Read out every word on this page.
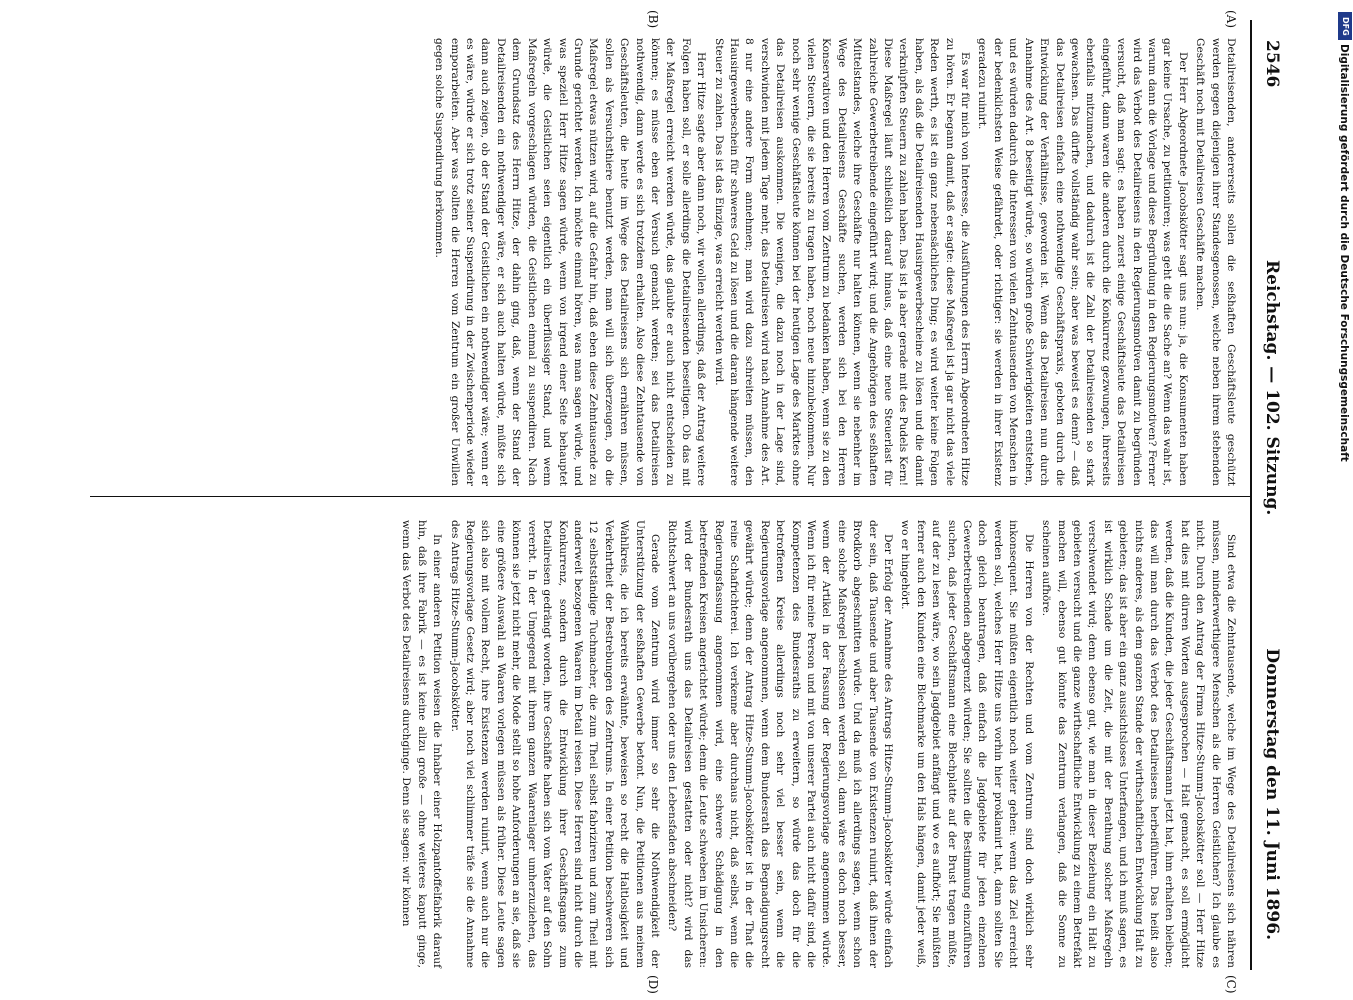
2546
Reichstag. — 102. Sitzung.
Donnerstag den 11. Juni 1896.
(A)
(B)
(C)
(D)

Detailreisenden, andererseits sollen die seßhaften Geschäftsleute geschützt werden gegen diejenigen ihrer Standesgenossen, welche neben ihrem stehenden Geschäft noch mit Detailreisen Geschäfte machen.

Der Herr Abgeordnete Jacobskötter sagt uns nun: ja, die Konsumenten haben gar keine Ursache, zu petitioniren; was geht die die Sache an? Wenn das wahr ist, warum dann die Vorlage und diese Begründung in den Regierungsmotiven? Ferner wird das Verbot des Detailreisens in den Regierungsmotiven damit zu begründen versucht, daß man sagt: es haben zuerst einige Geschäftsleute das Detailreisen eingeführt, dann waren die anderen durch die Konkurrenz gezwungen, ihrerseits ebenfalls mitzumachen, und dadurch ist die Zahl der Detailreisenden so stark gewachsen. Das dürfte vollständig wahr sein; aber was beweist es denn? — daß das Detailreisen einfach eine nothwendige Geschäftspraxis, geboten durch die Entwicklung der Verhältnisse, geworden ist. Wenn das Detailreisen nun durch Annahme des Art. 8 beseitigt würde, so würden große Schwierigkeiten entstehen, und es würden dadurch die Interessen von vielen Zehntausenden von Menschen in der bedenklichsten Weise gefährdet, oder richtiger: sie werden in ihrer Existenz geradezu ruinirt.

Es war für mich von Interesse, die Ausführungen des Herrn Abgeordneten Hitze zu hören. Er begann damit, daß er sagte: diese Maßregel ist ja gar nicht das viele Reden werth, es ist ein ganz nebensächliches Ding; es wird weiter keine Folgen haben, als daß die Detailreisenden Hausirgewerbescheine zu lösen und die damit verknüpften Steuern zu zahlen haben. Das ist ja aber gerade mit des Pudels Kern! Diese Maßregel läuft schließlich darauf hinaus, daß eine neue Steuerlast für zahlreiche Gewerbetreibende eingeführt wird; und die Angehörigen des seßhaften Mittelstandes, welche ihre Geschäfte nur halten können, wenn sie nebenher im Wege des Detailreisens Geschäfte suchen, werden sich bei den Herren Konservativen und den Herren vom Zentrum zu bedanken haben, wenn sie zu den vielen Steuern, die sie bereits zu tragen haben, noch neue hinzubekommen. Nur noch sehr wenige Geschäftsleute können bei der heutigen Lage des Marktes ohne das Detailreisen auskommen. Die wenigen, die dazu noch in der Lage sind, verschwinden mit jedem Tage mehr, das Detailreisen wird nach Annahme des Art. 8 nur eine andere Form annehmen; man wird dazu schreiten müssen, den Hausirgewerbeschein für schweres Geld zu lösen und die daran hängende weitere Steuer zu zahlen. Das ist das Einzige, was erreicht werden wird.

Herr Hitze sagte aber dann noch, wir wollen allerdings, daß der Antrag weitere Folgen haben soll, er solle allerdings die Detailreisenden beseitigen. Ob das mit der Maßregel erreicht werden würde, das glaubte er auch nicht entscheiden zu können; es müsse eben der Versuch gemacht werden; sei das Detailreisen nothwendig, dann werde es sich trotzdem erhalten. Also diese Zehntausende von Geschäftsleuten, die heute im Wege des Detailreisens sich ernähren müssen, sollen als Versuchsthiere benutzt werden, man will sich überzeugen, ob die Maßregel etwas nützen wird, auf die Gefahr hin, daß eben diese Zehntausende zu Grunde gerichtet werden. Ich möchte einmal hören, was man sagen würde, und was speziell Herr Hitze sagen würde, wenn von irgend einer Seite behauptet würde, die Geistlichen seien eigentlich ein überflüssiger Stand, und wenn Maßregeln vorgeschlagen würden, die Geistlichen einmal zu suspendiren. Nach dem Grundsatz des Herrn Hitze, der dahin ging, daß, wenn der Stand der Detailreisenden ein nothwendiger wäre, er sich auch halten würde, müßte sich dann auch zeigen, ob der Stand der Geistlichen ein nothwendiger wäre; wenn er es wäre, würde er sich trotz seiner Suspendirung in der Zwischenperiode wieder emporarbeiten. Aber was sollten die Herren vom Zentrum ein großer Unwillen gegen solche Suspendirung herkommen.

Sind etwa die Zehntausende, welche im Wege des Detailreisens sich nähren müssen, minderwerthigere Menschen als die Herren Geistlichen? Ich glaube es nicht. Durch den Antrag der Firma Hitze-Stumm-Jacobskötter soll — Herr Hitze hat dies mit dürren Worten ausgesprochen — Halt gemacht, es soll ermöglicht werden, daß die Kunden, die jeder Geschäftsmann jetzt hat, ihm erhalten bleiben; das will man durch das Verbot des Detailreisens herbeiführen. Das heißt also nichts anderes, als dem ganzen Stande der wirthschaftlichen Entwicklung Halt zu gebieten; das ist aber ein ganz aussichtsloses Unterfangen, und ich muß sagen, es ist wirklich Schade um die Zeit, die mit der Berathung solcher Maßregeln verschwendet wird; denn ebenso gut, wie man in dieser Beziehung ein Halt zu gebieten versucht und die ganze wirthschaftliche Entwicklung zu einem Betrefakt machen will, ebenso gut könnte das Zentrum verlangen, daß die Sonne zu scheinen aufhöre.

Die Herren von der Rechten und vom Zentrum sind doch wirklich sehr inkonsequent. Sie müßten eigentlich noch weiter gehen: wenn das Ziel erreicht werden soll, welches Herr Hitze uns vorhin hier proklamirt hat, dann sollten Sie doch gleich beantragen, daß einfach die Jagdgebiete für jeden einzelnen Gewerbetreibenden abgegrenzt würden; Sie sollten die Bestimmung einzuführen suchen, daß jeder Geschäftsmann eine Blechplatte auf der Brust tragen müßte, auf der zu lesen wäre, wo sein Jagdgebiet anfängt und wo es aufhört; Sie müßten ferner auch den Kunden eine Blechmarke um den Hals hängen, damit jeder weiß, wo er hingehört.

Der Erfolg der Annahme des Antrags Hitze-Stumm-Jacobskötter würde einfach der sein, daß Tausende und aber Tausende von Existenzen ruinirt, daß ihnen der Brodkorb abgeschnitten würde. Und da muß ich allerdings sagen, wenn schon eine solche Maßregel beschlossen werden soll, dann wäre es doch noch besser, wenn der Artikel in der Fassung der Regierungsvorlage angenommen würde. Wenn ich für meine Person und mit von unserer Partei auch nicht dafür sind, die Kompetenzen des Bundesraths zu erweitern, so würde das doch für die betroffenen Kreise allerdings noch sehr viel besser sein, wenn die Regierungsvorlage angenommen, wenn dem Bundesrath das Begnadigungsrecht gewährt würde; denn der Antrag Hitze-Stumm-Jacobskötter ist in der That die reine Schafrichterei. Ich verkenne aber durchaus nicht, daß selbst, wenn die Regierungsfassung angenommen wird, eine schwere Schädigung in den betreffenden Kreisen angerichtet würde; denn die Leute schweben im Unsicheren: wird der Bundesrath uns das Detailreisen gestatten oder nicht? wird das Richtschwert an uns vorübergehen oder uns den Lebensfaden abschneiden?

Gerade vom Zentrum wird immer so sehr die Nothwendigkeit der Unterstützung der seßhaften Gewerbe betont. Nun, die Petitionen aus meinem Wahlkreis, die ich bereits erwähnte, beweisen so recht die Haltlosigkeit und Verkehrtheit der Bestrebungen des Zentrums. In einer Petition beschweren sich 12 selbstständige Tuchmacher, die zum Theil selbst fabriziren und zum Theil mit anderweit bezogenen Waaren im Detail reisen. Diese Herren sind nicht durch die Konkurrenz, sondern durch die Entwicklung ihrer Geschäftsgangs zum Detailreisen gedrängt worden, ihre Geschäfte haben sich vom Vater auf den Sohn vererbt. In der Umgegend mit ihrem ganzen Waarenlager umherzuziehen, das können sie jetzt nicht mehr, die Mode stellt so hohe Anforderungen an sie, daß sie eine größere Auswahl an Waaren vorlegen müssen als früher. Diese Leute sagen sich also mit vollem Recht, ihre Existenzen werden ruinirt, wenn auch nur die Regierungsvorlage Gesetz wird; aber noch viel schlimmer träfe sie die Annahme des Antrags Hitze-Stumm-Jacobskötter.

In einer anderen Petition weisen die Inhaber einer Holzpantoffelfabrik darauf hin, daß ihre Fabrik — es ist keine allzu große — ohne weiteres kaputt ginge, wenn das Verbot des Detailreisens durchginge. Denn sie sagen: wir können

DFG
Digitalisierung gefördert durch die Deutsche Forschungsgemeinschaft
